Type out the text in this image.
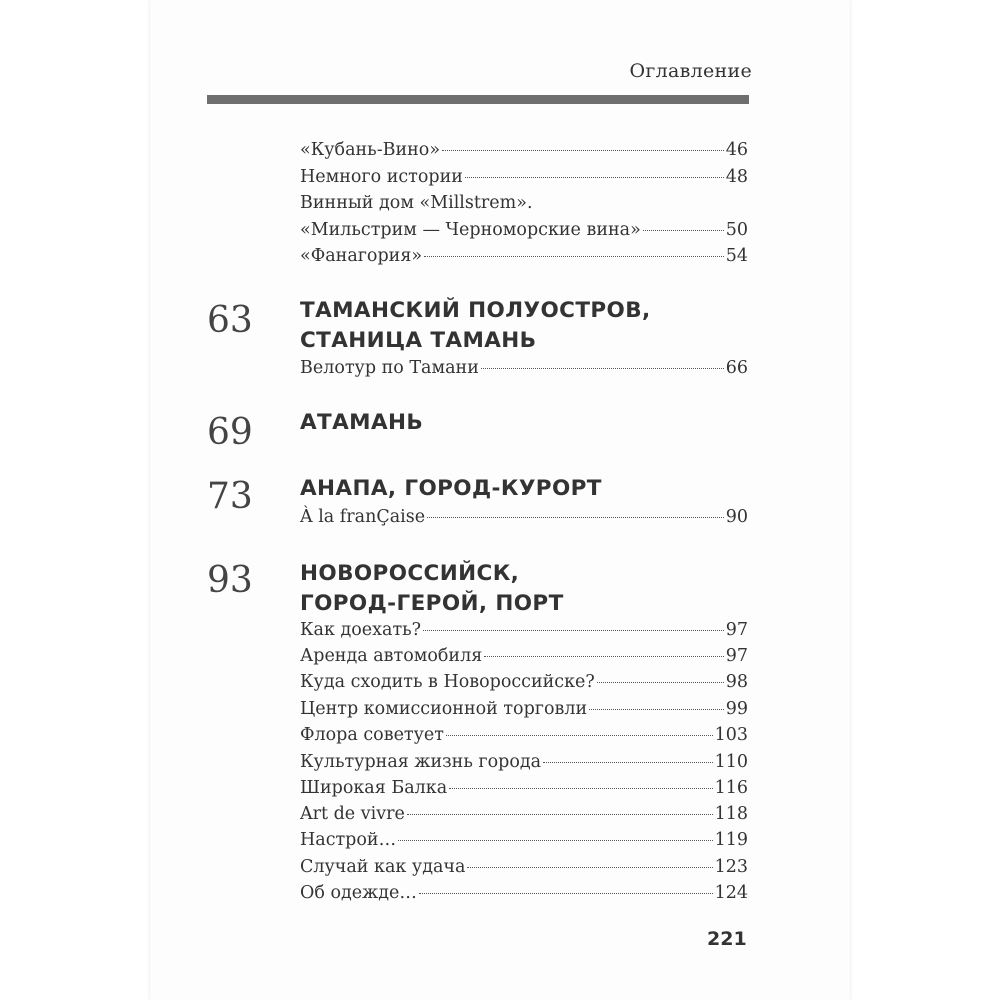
Оглавление
«Кубань-Вино»	46
Немного истории	48
Винный дом «Millstrem».
«Мильстрим — Черноморские вина»	50
«Фанагория»	54
63 ТАМАНСКИЙ ПОЛУОСТРОВ,
СТАНИЦА ТАМАНЬ
Велотур по Тамани	66
69 АТАМАНЬ
73 АНАПА, ГОРОД-КУРОРТ
À la franÇaise	90
93 НОВОРОССИЙСК,
ГОРОД-ГЕРОЙ, ПОРТ
Как доехать?	97
Аренда автомобиля	97
Куда сходить в Новороссийске?	98
Центр комиссионной торговли	99
Флора советует	103
Культурная жизнь города	110
Широкая Балка	116
Art de vivre	118
Настрой…	119
Случай как удача	123
Об одежде…	124
221
